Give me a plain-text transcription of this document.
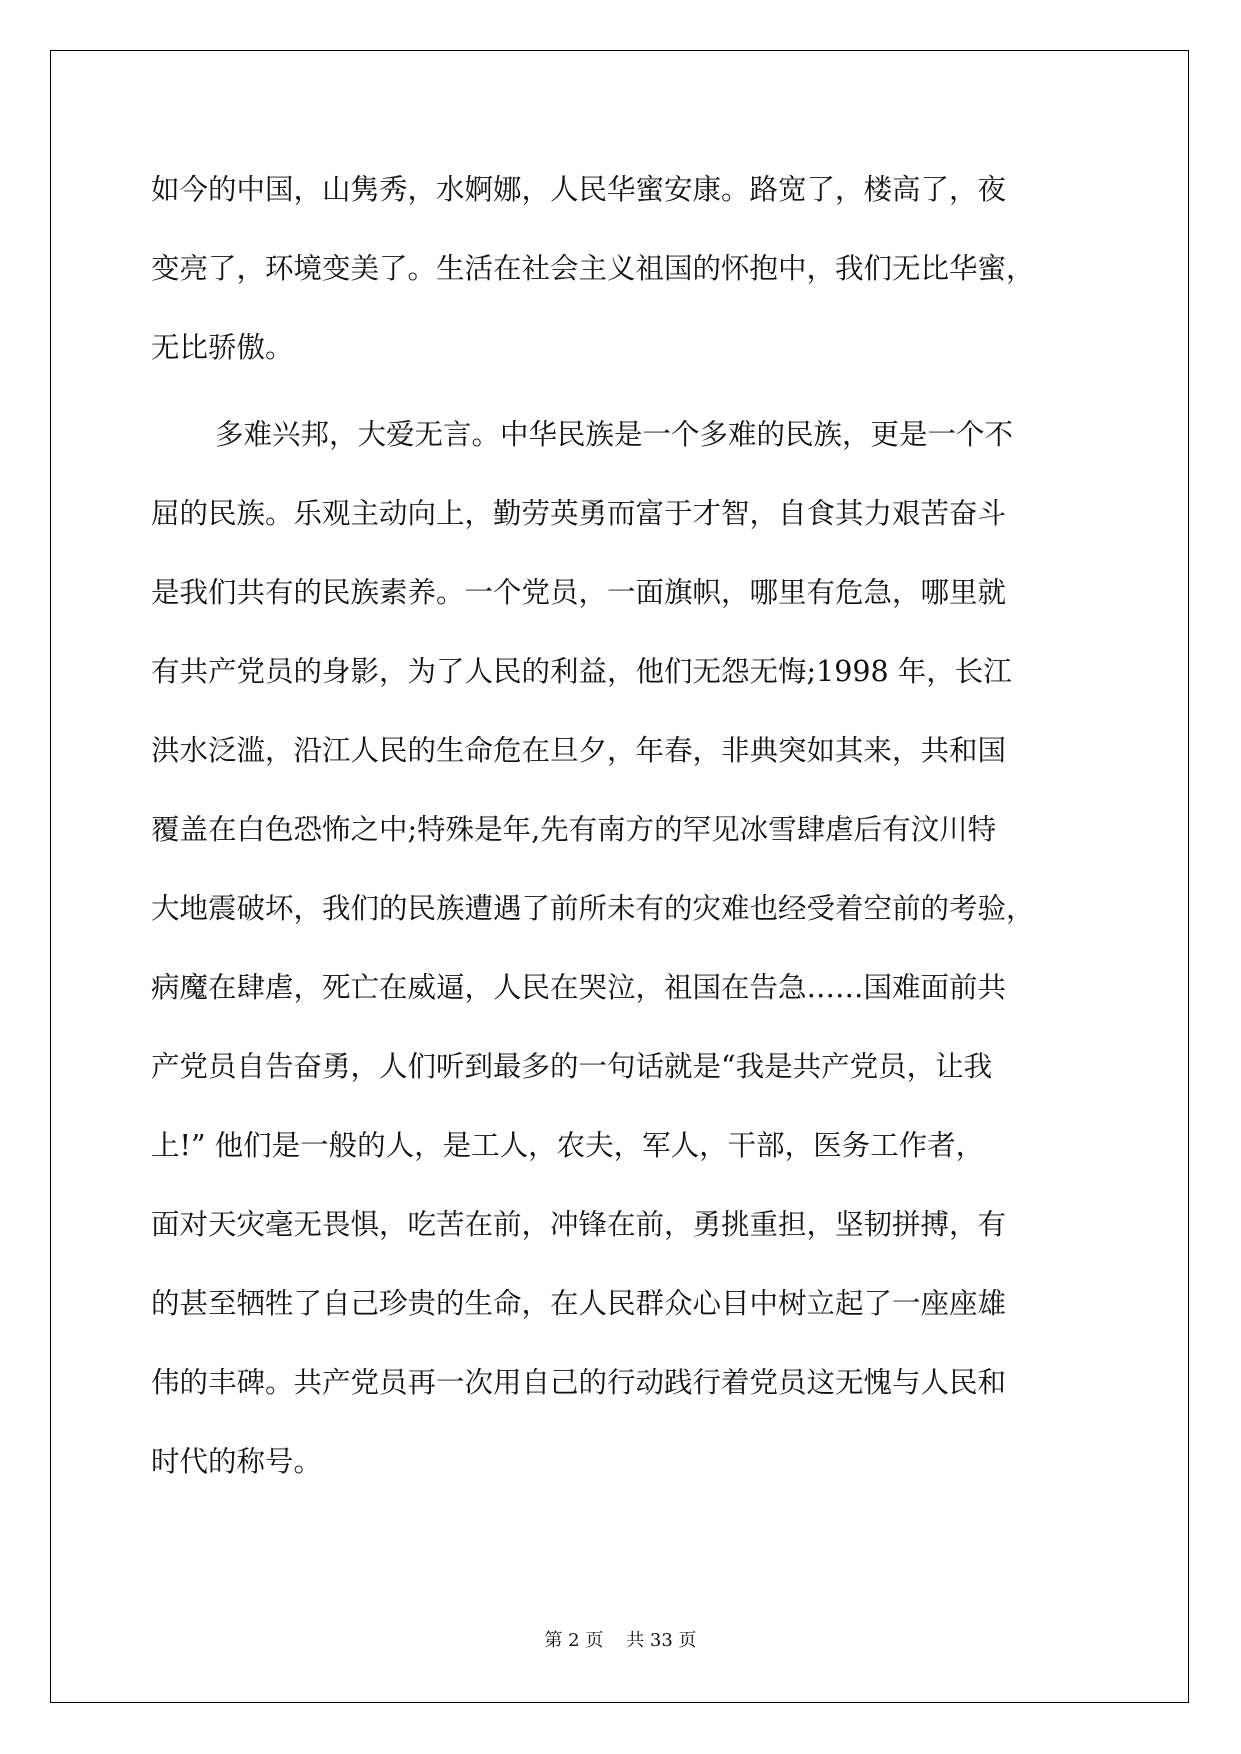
如今的中国，山隽秀，水婀娜，人民华蜜安康。路宽了，楼高了，夜

变亮了，环境变美了。生活在社会主义祖国的怀抱中，我们无比华蜜，

无比骄傲。

多难兴邦，大爱无言。中华民族是一个多难的民族，更是一个不

屈的民族。乐观主动向上，勤劳英勇而富于才智，自食其力艰苦奋斗

是我们共有的民族素养。一个党员，一面旗帜，哪里有危急，哪里就

有共产党员的身影，为了人民的利益，他们无怨无悔;1998 年，长江

洪水泛滥，沿江人民的生命危在旦夕，年春，非典突如其来，共和国

覆盖在白色恐怖之中;特殊是年,先有南方的罕见冰雪肆虐后有汶川特

大地震破坏，我们的民族遭遇了前所未有的灾难也经受着空前的考验，

病魔在肆虐，死亡在威逼，人民在哭泣，祖国在告急……国难面前共

产党员自告奋勇，人们听到最多的一句话就是“我是共产党员，让我

上!” 他们是一般的人，是工人，农夫，军人，干部，医务工作者，

面对天灾毫无畏惧，吃苦在前，冲锋在前，勇挑重担，坚韧拼搏，有

的甚至牺牲了自己珍贵的生命，在人民群众心目中树立起了一座座雄

伟的丰碑。共产党员再一次用自己的行动践行着党员这无愧与人民和

时代的称号。

第 2 页    共 33 页
